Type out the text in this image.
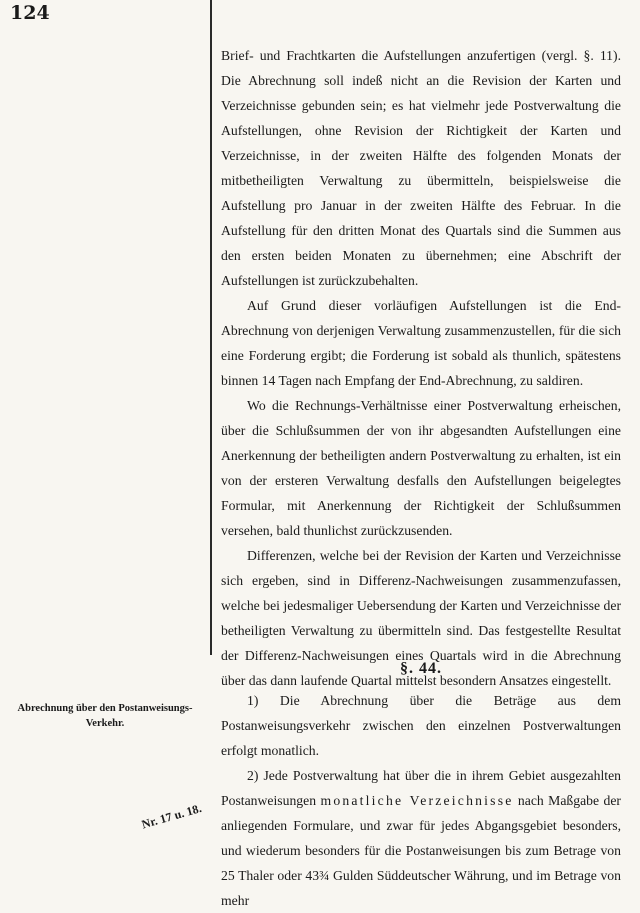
124

Brief- und Frachtkarten die Aufstellungen anzufertigen (vergl. §. 11). Die Abrechnung soll indeß nicht an die Revision der Karten und Verzeichnisse gebunden sein; es hat vielmehr jede Postverwaltung die Aufstellungen, ohne Revision der Richtigkeit der Karten und Verzeichnisse, in der zweiten Hälfte des folgenden Monats der mitbetheiligten Verwaltung zu übermitteln, beispielsweise die Aufstellung pro Januar in der zweiten Hälfte des Februar. In die Aufstellung für den dritten Monat des Quartals sind die Summen aus den ersten beiden Monaten zu übernehmen; eine Abschrift der Aufstellungen ist zurückzubehalten.

Auf Grund dieser vorläufigen Aufstellungen ist die End-Abrechnung von derjenigen Verwaltung zusammenzustellen, für die sich eine Forderung ergibt; die Forderung ist sobald als thunlich, spätestens binnen 14 Tagen nach Empfang der End-Abrechnung, zu saldiren.

Wo die Rechnungs-Verhältnisse einer Postverwaltung erheischen, über die Schlußsummen der von ihr abgesandten Aufstellungen eine Anerkennung der betheiligten andern Postverwaltung zu erhalten, ist ein von der ersteren Verwaltung desfalls den Aufstellungen beigelegtes Formular, mit Anerkennung der Richtigkeit der Schlußsummen versehen, bald thunlichst zurückzusenden.

Differenzen, welche bei der Revision der Karten und Verzeichnisse sich ergeben, sind in Differenz-Nachweisungen zusammenzufassen, welche bei jedesmaliger Uebersendung der Karten und Verzeichnisse der betheiligten Verwaltung zu übermitteln sind. Das festgestellte Resultat der Differenz-Nachweisungen eines Quartals wird in die Abrechnung über das dann laufende Quartal mittelst besondern Ansatzes eingestellt.

§. 44.
Abrechnung über den Postanweisungs-Verkehr.
Nr. 17 u. 18.

1) Die Abrechnung über die Beträge aus dem Postanweisungsverkehr zwischen den einzelnen Postverwaltungen erfolgt monatlich.

2) Jede Postverwaltung hat über die in ihrem Gebiet ausgezahlten Postanweisungen monatliche Verzeichnisse nach Maßgabe der anliegenden Formulare, und zwar für jedes Abgangsgebiet besonders, und wiederum besonders für die Postanweisungen bis zum Betrage von 25 Thaler oder 43¾ Gulden Süddeutscher Währung, und im Betrage von mehr
